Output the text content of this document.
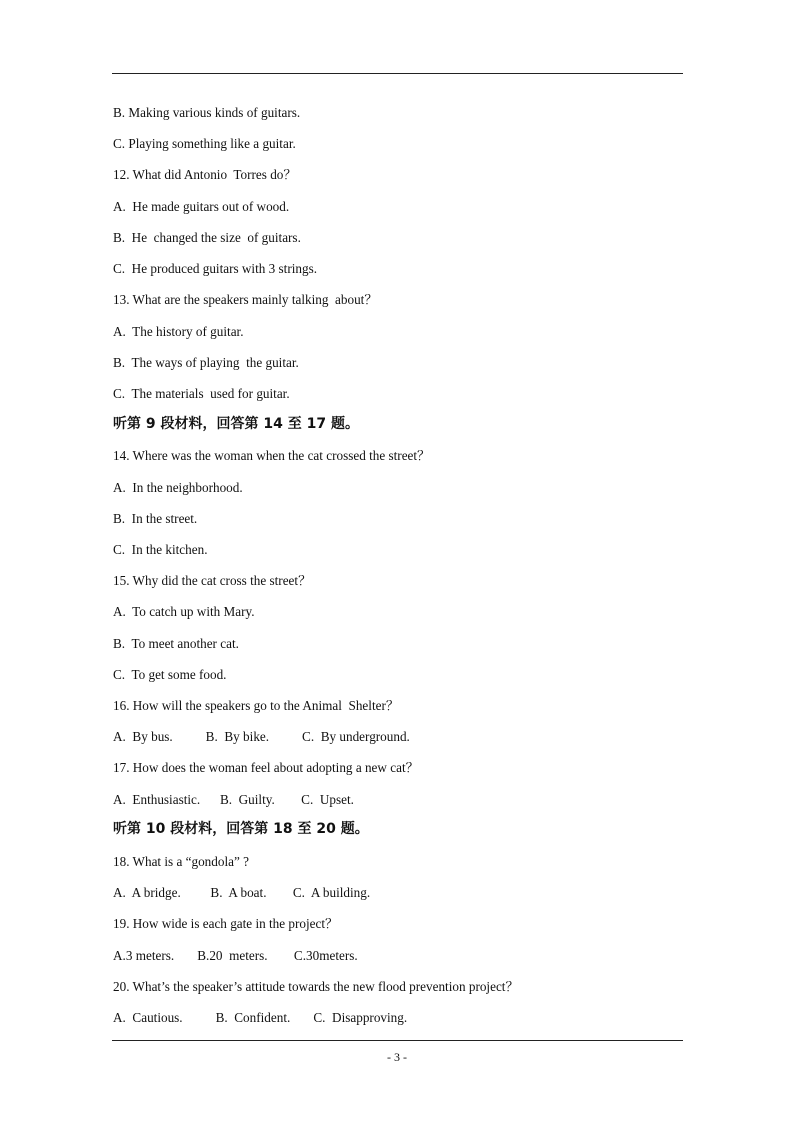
B. Making various kinds of guitars.
C. Playing something like a guitar.
12. What did Antonio  Torres do？
A.  He made guitars out of wood.
B.  He  changed the size  of guitars.
C.  He produced guitars with 3 strings.
13. What are the speakers mainly talking  about？
A.  The history of guitar.
B.  The ways of playing  the guitar.
C.  The materials  used for guitar.
听第 9 段材料，回答第 14 至 17 题。
14. Where was the woman when the cat crossed the street？
A.  In the neighborhood.
B.  In the street.
C.  In the kitchen.
15. Why did the cat cross the street？
A.  To catch up with Mary.
B.  To meet another cat.
C.  To get some food.
16. How will the speakers go to the Animal  Shelter？
A.  By bus.          B.  By bike.          C.  By underground.
17. How does the woman feel about adopting a new cat？
A.  Enthusiastic.      B.  Guilty.        C.  Upset.
听第 10 段材料，回答第 18 至 20 题。
18. What is a “gondola” ?
A.  A bridge.         B.  A boat.        C.  A building.
19. How wide is each gate in the project？
A.3 meters.       B.20  meters.        C.30meters.
20. What’s the speaker’s attitude towards the new flood prevention project？
A.  Cautious.          B.  Confident.       C.  Disapproving.
- 3 -
